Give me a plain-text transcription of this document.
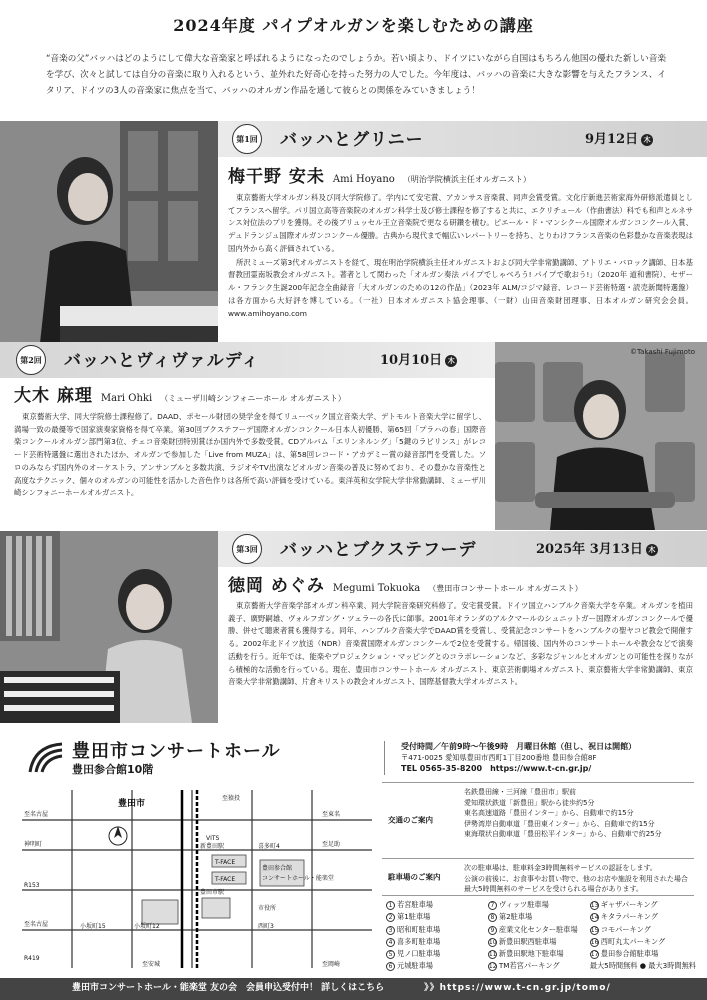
2024年度 パイプオルガンを楽しむための講座
“音楽の父”バッハはどのようにして偉大な音楽家と呼ばれるようになったのでしょうか。若い頃より、ドイツにいながら自国はもちろん他国の優れた新しい音楽を学び、次々と試しては自分の音楽に取り入れるという、並外れた好奇心を持った努力の人でした。今年度は、バッハの音楽に大きな影響を与えたフランス、イタリア、ドイツの3人の音楽家に焦点を当て、バッハのオルガン作品を通して彼らとの関係をみていきましょう！
第1回 バッハとグリニー	9月12日 木
梅干野 安未 Ami Hoyano （明治学院横浜主任オルガニスト）

東京藝術大学オルガン科及び同大学院修了。学内にて安宅賞、アカンサス音楽賞、同声会賞受賞。文化庁新進芸術家海外研修派遣員としてフランスへ留学。パリ国立高等音楽院のオルガン科学士及び修士課程を修了すると共に、エクリチュール（作曲書法）科でも和声とルネサンス対位法のプリを獲得。その後ブリュッセル王立音楽院で更なる研鑽を積む。ピエール・ド・マンシクール国際オルガンコンクール入賞、デュドランジュ国際オルガンコンクール優勝。古典から現代まで幅広いレパートリーを持ち、とりわけフランス音楽の色彩豊かな音楽表現は国内外から高く評価されている。

所沢ミューズ第3代オルガニストを経て、現在明治学院横浜主任オルガニストおよび同大学非常勤講師、アトリエ・バロック講師、日本基督教団霊南坂教会オルガニスト。著者として関わった「オルガン奏法 パイプでしゃべろう! パイプで歌おう!」（2020年 道和書院）、セザール・フランク生誕200年記念全曲録音「大オルガンのための12の作品」（2023年 ALM/コジマ録音、レコード芸術特選・読売新聞特選盤）は各方面から大好評を博している。（一社）日本オルガニスト協会理事、（一財）山田音楽財団理事、日本オルガン研究会会員。www.amihoyano.com

第2回 バッハとヴィヴァルディ	10月10日 木
©Takashi Fujimoto
大木 麻理 Mari Ohki （ミューザ川崎シンフォニーホール オルガニスト）

東京藝術大学、同大学院修士課程修了。DAAD、ポセール財団の奨学金を得てリューベック国立音楽大学、デトモルト音楽大学に留学し、満場一致の最優等で国家演奏家資格を得て卒業。第30回ブクステフーデ国際オルガンコンクール日本人初優勝、第65回「プラハの春」国際音楽コンクールオルガン部門第3位、チェコ音楽財団特別賞ほか国内外で多数受賞。CDアルバム「エリンネルング」「5鍵のラビリンス」がレコード芸術特選盤に選出されたほか、オルガンで参加した「Live from MUZA」は、第58回レコード・アカデミー賞の録音部門を受賞した。ソロのみならず国内外のオーケストラ、アンサンブルと多数共演、ラジオやTV出演などオルガン音楽の普及に努めており、その豊かな音楽性と高度なテクニック、個々のオルガンの可能性を活かした音色作りは各所で高い評価を受けている。東洋英和女学院大学非常勤講師、ミューザ川崎シンフォニーホールオルガニスト。

第3回 バッハとブクステフーデ	2025年 3月13日 木
徳岡 めぐみ Megumi Tokuoka （豊田市コンサートホール オルガニスト）

東京藝術大学音楽学部オルガン科卒業、同大学院音楽研究科修了。安宅賞受賞。ドイツ国立ハンブルク音楽大学を卒業。オルガンを植田義子、廣野嗣雄、ヴォルフガング・ツェラーの各氏に師事。2001年オランダのアルクマールのシュニットガー国際オルガンコンクールで優勝、併せて聴衆者賞も獲得する。同年、ハンブルク音楽大学でDAAD賞を受賞し、受賞記念コンサートをハンブルクの聖ヤコビ教会で開催する。2002年北ドイツ放送（NDR）音楽賞国際オルガンコンクールで2位を受賞する。帰国後、国内外のコンサートホールや教会などで演奏活動を行う。近年では、能楽やプロジェクション・マッピングとのコラボレーションなど、多彩なジャンルとオルガンとの可能性を探りながら積極的な活動を行っている。現在、豊田市コンサートホール オルガニスト、東京芸術劇場オルガニスト、東京藝術大学非常勤講師、東京音楽大学非常勤講師、片倉キリストの教会オルガニスト、国際基督教大学オルガニスト。

豊田市コンサートホール
豊田参合館10階
受付時間／午前9時〜午後9時　月曜日休館（但し、祝日は開館）
〒471-0025 愛知県豊田市西町1丁目200番地 豊田参合館8F
TEL 0565-35-8200　https://www.t-cn.gr.jp/
交通のご案内
名鉄豊田線・三河線「豊田市」駅前
愛知環状鉄道「新豊田」駅から徒歩約5分
東名高速道路「豊田インター」から、自動車で約15分
伊勢湾岸自動車道「豊田東インター」から、自動車で約15分
東海環状自動車道「豊田松平インター」から、自動車で約25分
駐車場のご案内
次の駐車場は、駐車料金3時間無料サービスの認証をします。
公演の前後に、お食事やお買い物で、他のお店や施設を利用された場合最大5時間無料のサービスを受けられる場合があります。
豊田市
T-FACE
T-FACE
VITS
豊田参合館
コンサートホール・能楽堂
市役所
R153
R419
豊田市駅
新豊田駅
小坂町15	小坂町12
喜多町4
西町3
神明町
至岡崎
至名古屋	至東名
至足助
至猿投
至名古屋
至安城
1 若宮駐車場	7 ヴィッツ駐車場	13 ギャザパーキング
2 第1駐車場	8 第2駐車場	14 キタラパーキング
3 昭和町駐車場	9 産業文化センター駐車場	15 コモパーキング
4 喜多町駐車場	10 新豊田駅西駐車場	16 西町丸太パーキング
5 児ノ口駐車場	11 新豊田駅地下駐車場	17 豊田参合館駐車場
6 元城駐車場	12 TM若宮パーキング	最大5時間無料 ● 最大3時間無料
豊田市コンサートホール・能楽堂 友の会　会員申込受付中！ 詳しくはこちら	》》https://www.t-cn.gr.jp/tomo/
